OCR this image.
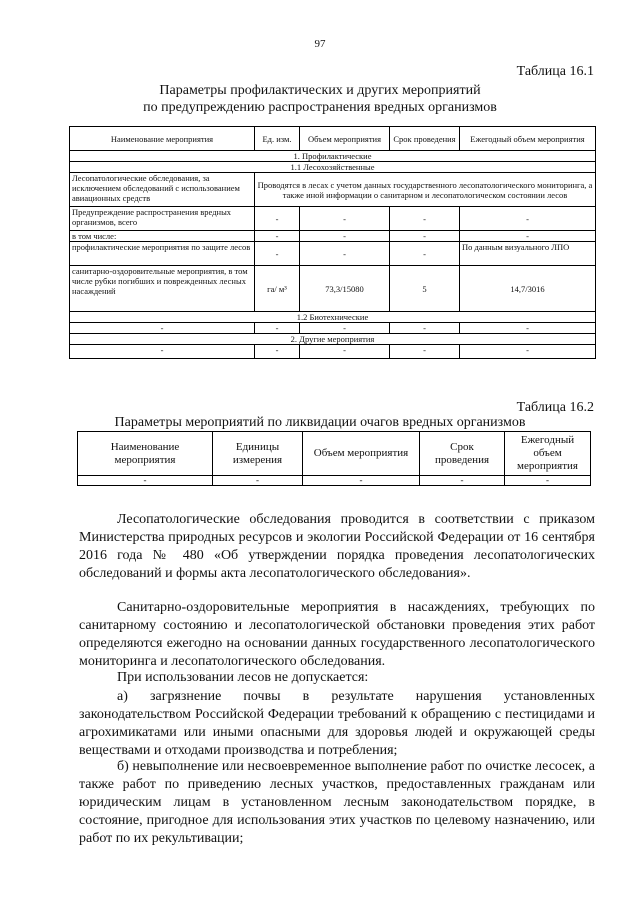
97
Таблица 16.1
Параметры профилактических и других мероприятий
по предупреждению распространения вредных организмов
Наименование мероприятия	Ед. изм.	Объем мероприятия	Срок проведения	Ежегодный объем мероприятия
1. Профилактические				
1.1 Лесохозяйственные				
Лесопатологические обследования, за исключением обследований с использованием авиационных средств	Проводятся в лесах с учетом данных государственного лесопатологического мониторинга, а также иной информации о санитарном и лесопатологическом состоянии лесов			
Предупреждение распространения вредных организмов, всего	-	-	-	-
в том числе:	-	-	-	-
профилактические мероприятия по защите лесов	-	-	-	По данным визуального ЛПО
санитарно-оздоровительные мероприятия, в том числе рубки погибших и поврежденных лесных насаждений	га/ м³	73,3/15080	5	14,7/3016
1.2 Биотехнические				
-	-	-	-	-
2. Другие мероприятия				
-	-	-	-	-
Таблица 16.2
Параметры мероприятий по ликвидации очагов вредных организмов
Наименование мероприятия	Единицы измерения	Объем мероприятия	Срок проведения	Ежегодный объем мероприятия
-	-	-	-	-
Лесопатологические обследования проводится в соответствии с приказом Министерства природных ресурсов и экологии Российской Федерации от 16 сентября 2016 года № 480 «Об утверждении порядка проведения лесопатологических обследований и формы акта лесопатологического обследования».
Санитарно-оздоровительные мероприятия в насаждениях, требующих по санитарному состоянию и лесопатологической обстановки проведения этих работ определяются ежегодно на основании данных государственного лесопатологического мониторинга и лесопатологического обследования.
При использовании лесов не допускается:
а) загрязнение почвы в результате нарушения установленных законодательством Российской Федерации требований к обращению с пестицидами и агрохимикатами или иными опасными для здоровья людей и окружающей среды веществами и отходами производства и потребления;
б) невыполнение или несвоевременное выполнение работ по очистке лесосек, а также работ по приведению лесных участков, предоставленных гражданам или юридическим лицам в установленном лесным законодательством порядке, в состояние, пригодное для использования этих участков по целевому назначению, или работ по их рекультивации;
